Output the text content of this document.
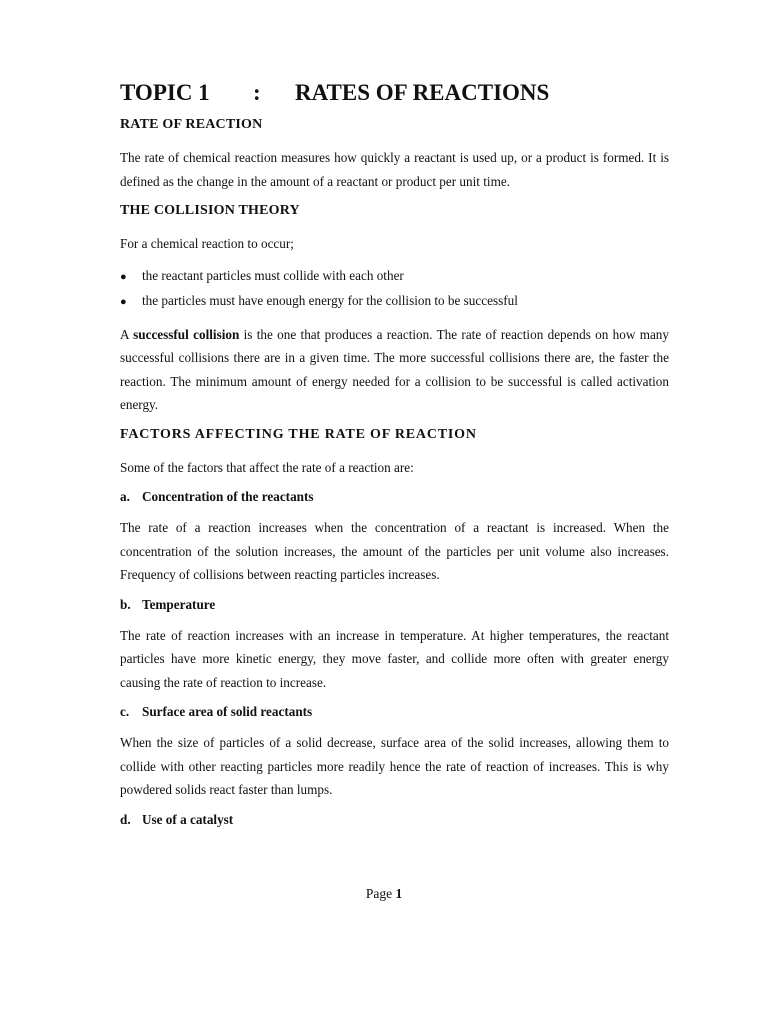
TOPIC 1	:	RATES OF REACTIONS
RATE OF REACTION

The rate of chemical reaction measures how quickly a reactant is used up, or a product is formed. It is defined as the change in the amount of a reactant or product per unit time.

THE COLLISION THEORY

For a chemical reaction to occur;

●	the reactant particles must collide with each other
●	the particles must have enough energy for the collision to be successful

A successful collision is the one that produces a reaction. The rate of reaction depends on how many successful collisions there are in a given time. The more successful collisions there are, the faster the reaction. The minimum amount of energy needed for a collision to be successful is called activation energy.

FACTORS AFFECTING THE RATE OF REACTION

Some of the factors that affect the rate of a reaction are:

a. Concentration of the reactants

The rate of a reaction increases when the concentration of a reactant is increased. When the concentration of the solution increases, the amount of the particles per unit volume also increases. Frequency of collisions between reacting particles increases.

b. Temperature

The rate of reaction increases with an increase in temperature. At higher temperatures, the reactant particles have more kinetic energy, they move faster, and collide more often with greater energy causing the rate of reaction to increase.

c. Surface area of solid reactants

When the size of particles of a solid decrease, surface area of the solid increases, allowing them to collide with other reacting particles more readily hence the rate of reaction of increases. This is why powdered solids react faster than lumps.

d. Use of a catalyst
Page 1
